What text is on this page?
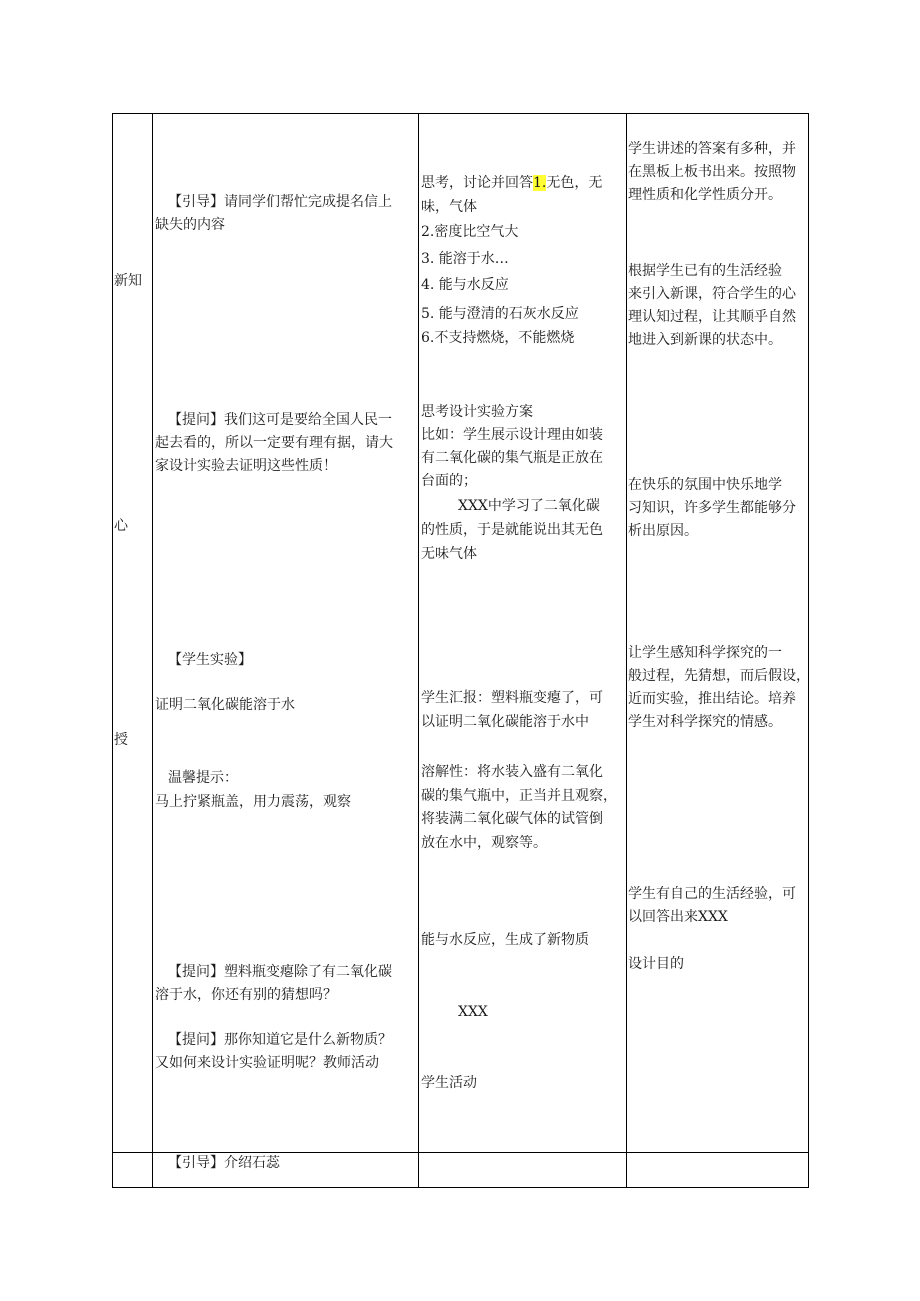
新知
心
授
【引导】请同学们帮忙完成提名信上
缺失的内容
【提问】我们这可是要给全国人民一
起去看的，所以一定要有理有据，请大
家设计实验去证明这些性质！
【学生实验】
证明二氧化碳能溶于水
温馨提示：
马上拧紧瓶盖，用力震荡，观察
【提问】塑料瓶变瘪除了有二氧化碳
溶于水，你还有别的猜想吗？
【提问】那你知道它是什么新物质？
又如何来设计实验证明呢？教师活动
【引导】介绍石蕊
思考，讨论并回答1.无色，无
味，气体
2.密度比空气大
3. 能溶于水…
4. 能与水反应
5. 能与澄清的石灰水反应
6.不支持燃烧，不能燃烧
思考设计实验方案
比如：学生展示设计理由如装
有二氧化碳的集气瓶是正放在
台面的；
XXX中学习了二氧化碳
的性质，于是就能说出其无色
无味气体
学生汇报：塑料瓶变瘪了，可
以证明二氧化碳能溶于水中
溶解性：将水装入盛有二氧化
碳的集气瓶中，正当并且观察，
将装满二氧化碳气体的试管倒
放在水中，观察等。
能与水反应，生成了新物质
XXX
学生活动
学生讲述的答案有多种，并
在黑板上板书出来。按照物
理性质和化学性质分开。
根据学生已有的生活经验
来引入新课，符合学生的心
理认知过程，让其顺乎自然
地进入到新课的状态中。
在快乐的氛围中快乐地学
习知识，许多学生都能够分
析出原因。
让学生感知科学探究的一
般过程，先猜想，而后假设，
近而实验，推出结论。培养
学生对科学探究的情感。
学生有自己的生活经验，可
以回答出来XXX
设计目的
